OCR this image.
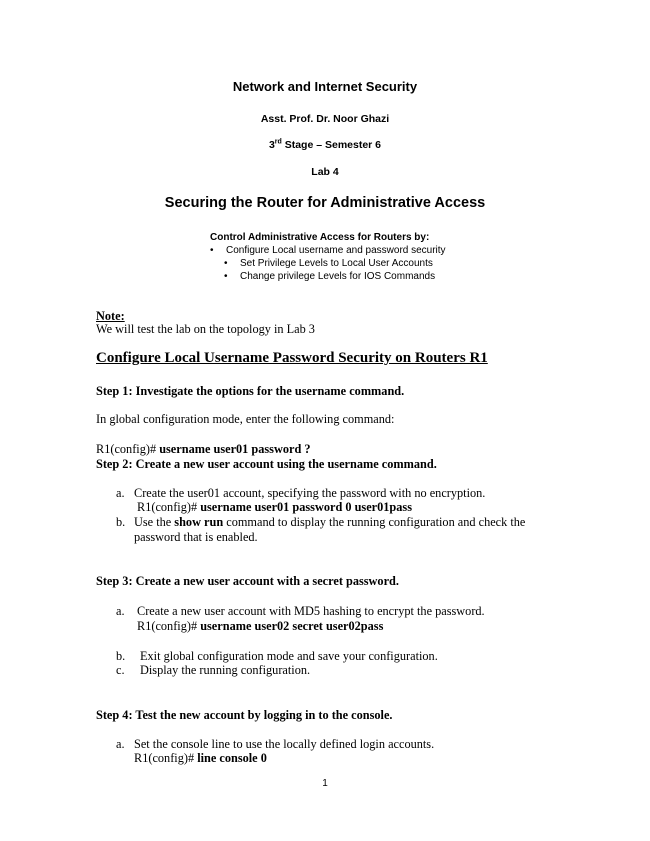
Network and Internet Security
Asst. Prof. Dr. Noor Ghazi
3rd Stage – Semester 6
Lab 4
Securing the Router for Administrative Access
Control Administrative Access for Routers by:
• Configure Local username and password security
• Set Privilege Levels to Local User Accounts
• Change privilege Levels for IOS Commands
Note:
We will test the lab on the topology in Lab 3
Configure Local Username Password Security on Routers R1
Step 1: Investigate the options for the username command.
In global configuration mode, enter the following command:
R1(config)# username user01 password ?
Step 2: Create a new user account using the username command.
a. Create the user01 account, specifying the password with no encryption.
R1(config)# username user01 password 0 user01pass
b. Use the show run command to display the running configuration and check the
password that is enabled.
Step 3: Create a new user account with a secret password.
a. Create a new user account with MD5 hashing to encrypt the password.
R1(config)# username user02 secret user02pass
b. Exit global configuration mode and save your configuration.
c. Display the running configuration.
Step 4: Test the new account by logging in to the console.
a. Set the console line to use the locally defined login accounts.
R1(config)# line console 0
1
